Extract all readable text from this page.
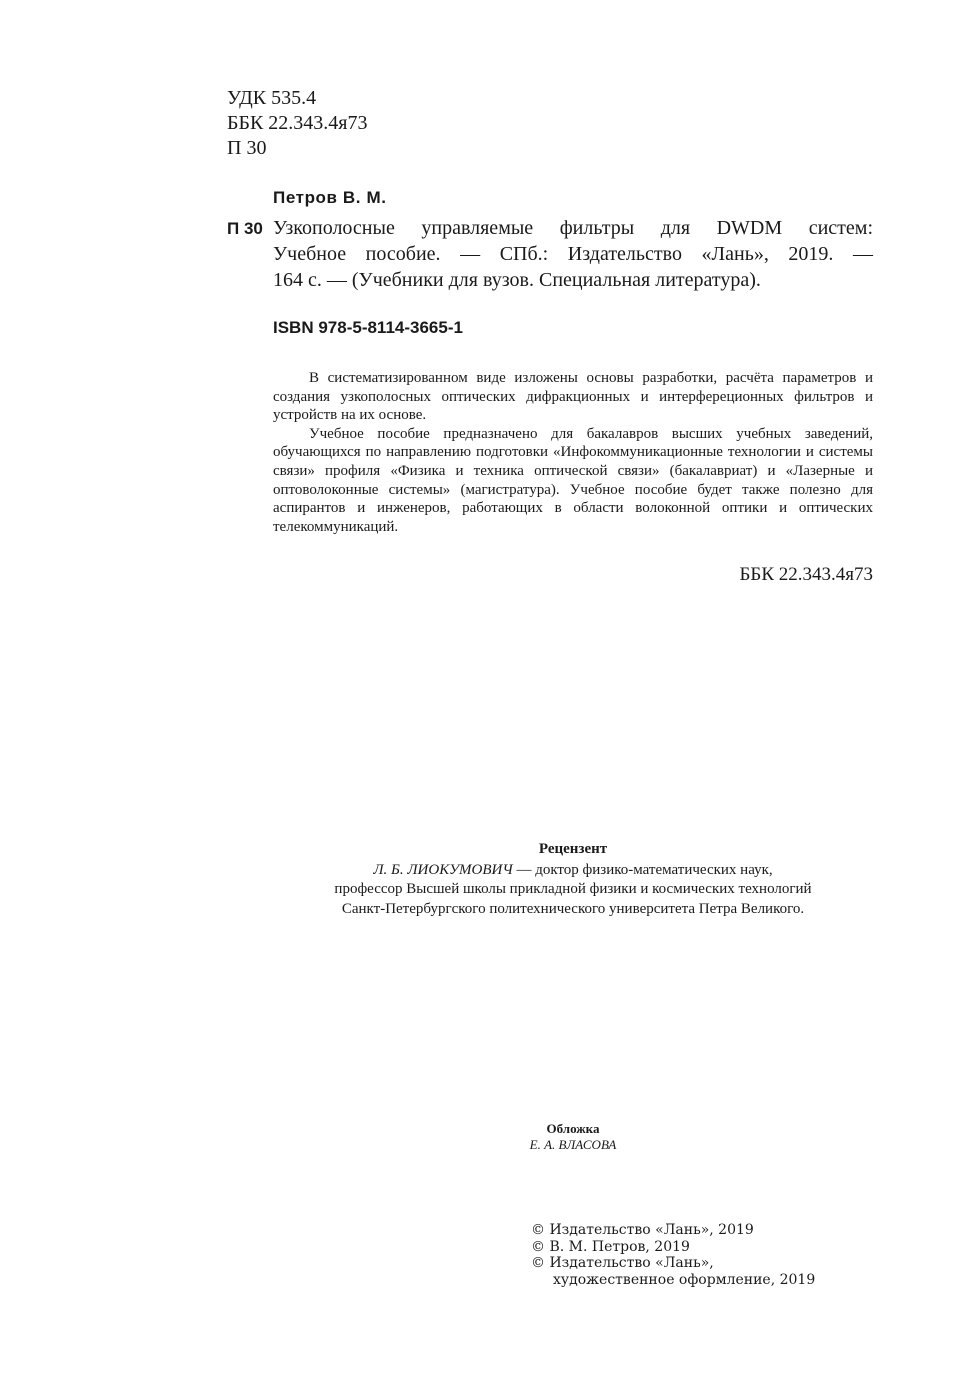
УДК 535.4
ББК 22.343.4я73
П 30
Петров В. М.
П 30 Узкополосные управляемые фильтры для DWDM систем:
Учебное пособие. — СПб.: Издательство «Лань», 2019. —
164 с. — (Учебники для вузов. Специальная литература).
ISBN 978-5-8114-3665-1

В систематизированном виде изложены основы разработки, расчёта параметров и создания узкополосных оптических дифракционных и интерфереционных фильтров и устройств на их основе.

Учебное пособие предназначено для бакалавров высших учебных заведений, обучающихся по направлению подготовки «Инфокоммуникационные технологии и системы связи» профиля «Физика и техника оптической связи» (бакалавриат) и «Лазерные и оптоволоконные системы» (магистратура). Учебное пособие будет также полезно для аспирантов и инженеров, работающих в области волоконной оптики и оптических телекоммуникаций.

ББК 22.343.4я73
Рецензент
Л. Б. ЛИОКУМОВИЧ — доктор физико-математических наук,
профессор Высшей школы прикладной физики и космических технологий
Санкт-Петербургского политехнического университета Петра Великого.
Обложка
Е. А. ВЛАСОВА
© Издательство «Лань», 2019
© В. М. Петров, 2019
© Издательство «Лань»,
художественное оформление, 2019
